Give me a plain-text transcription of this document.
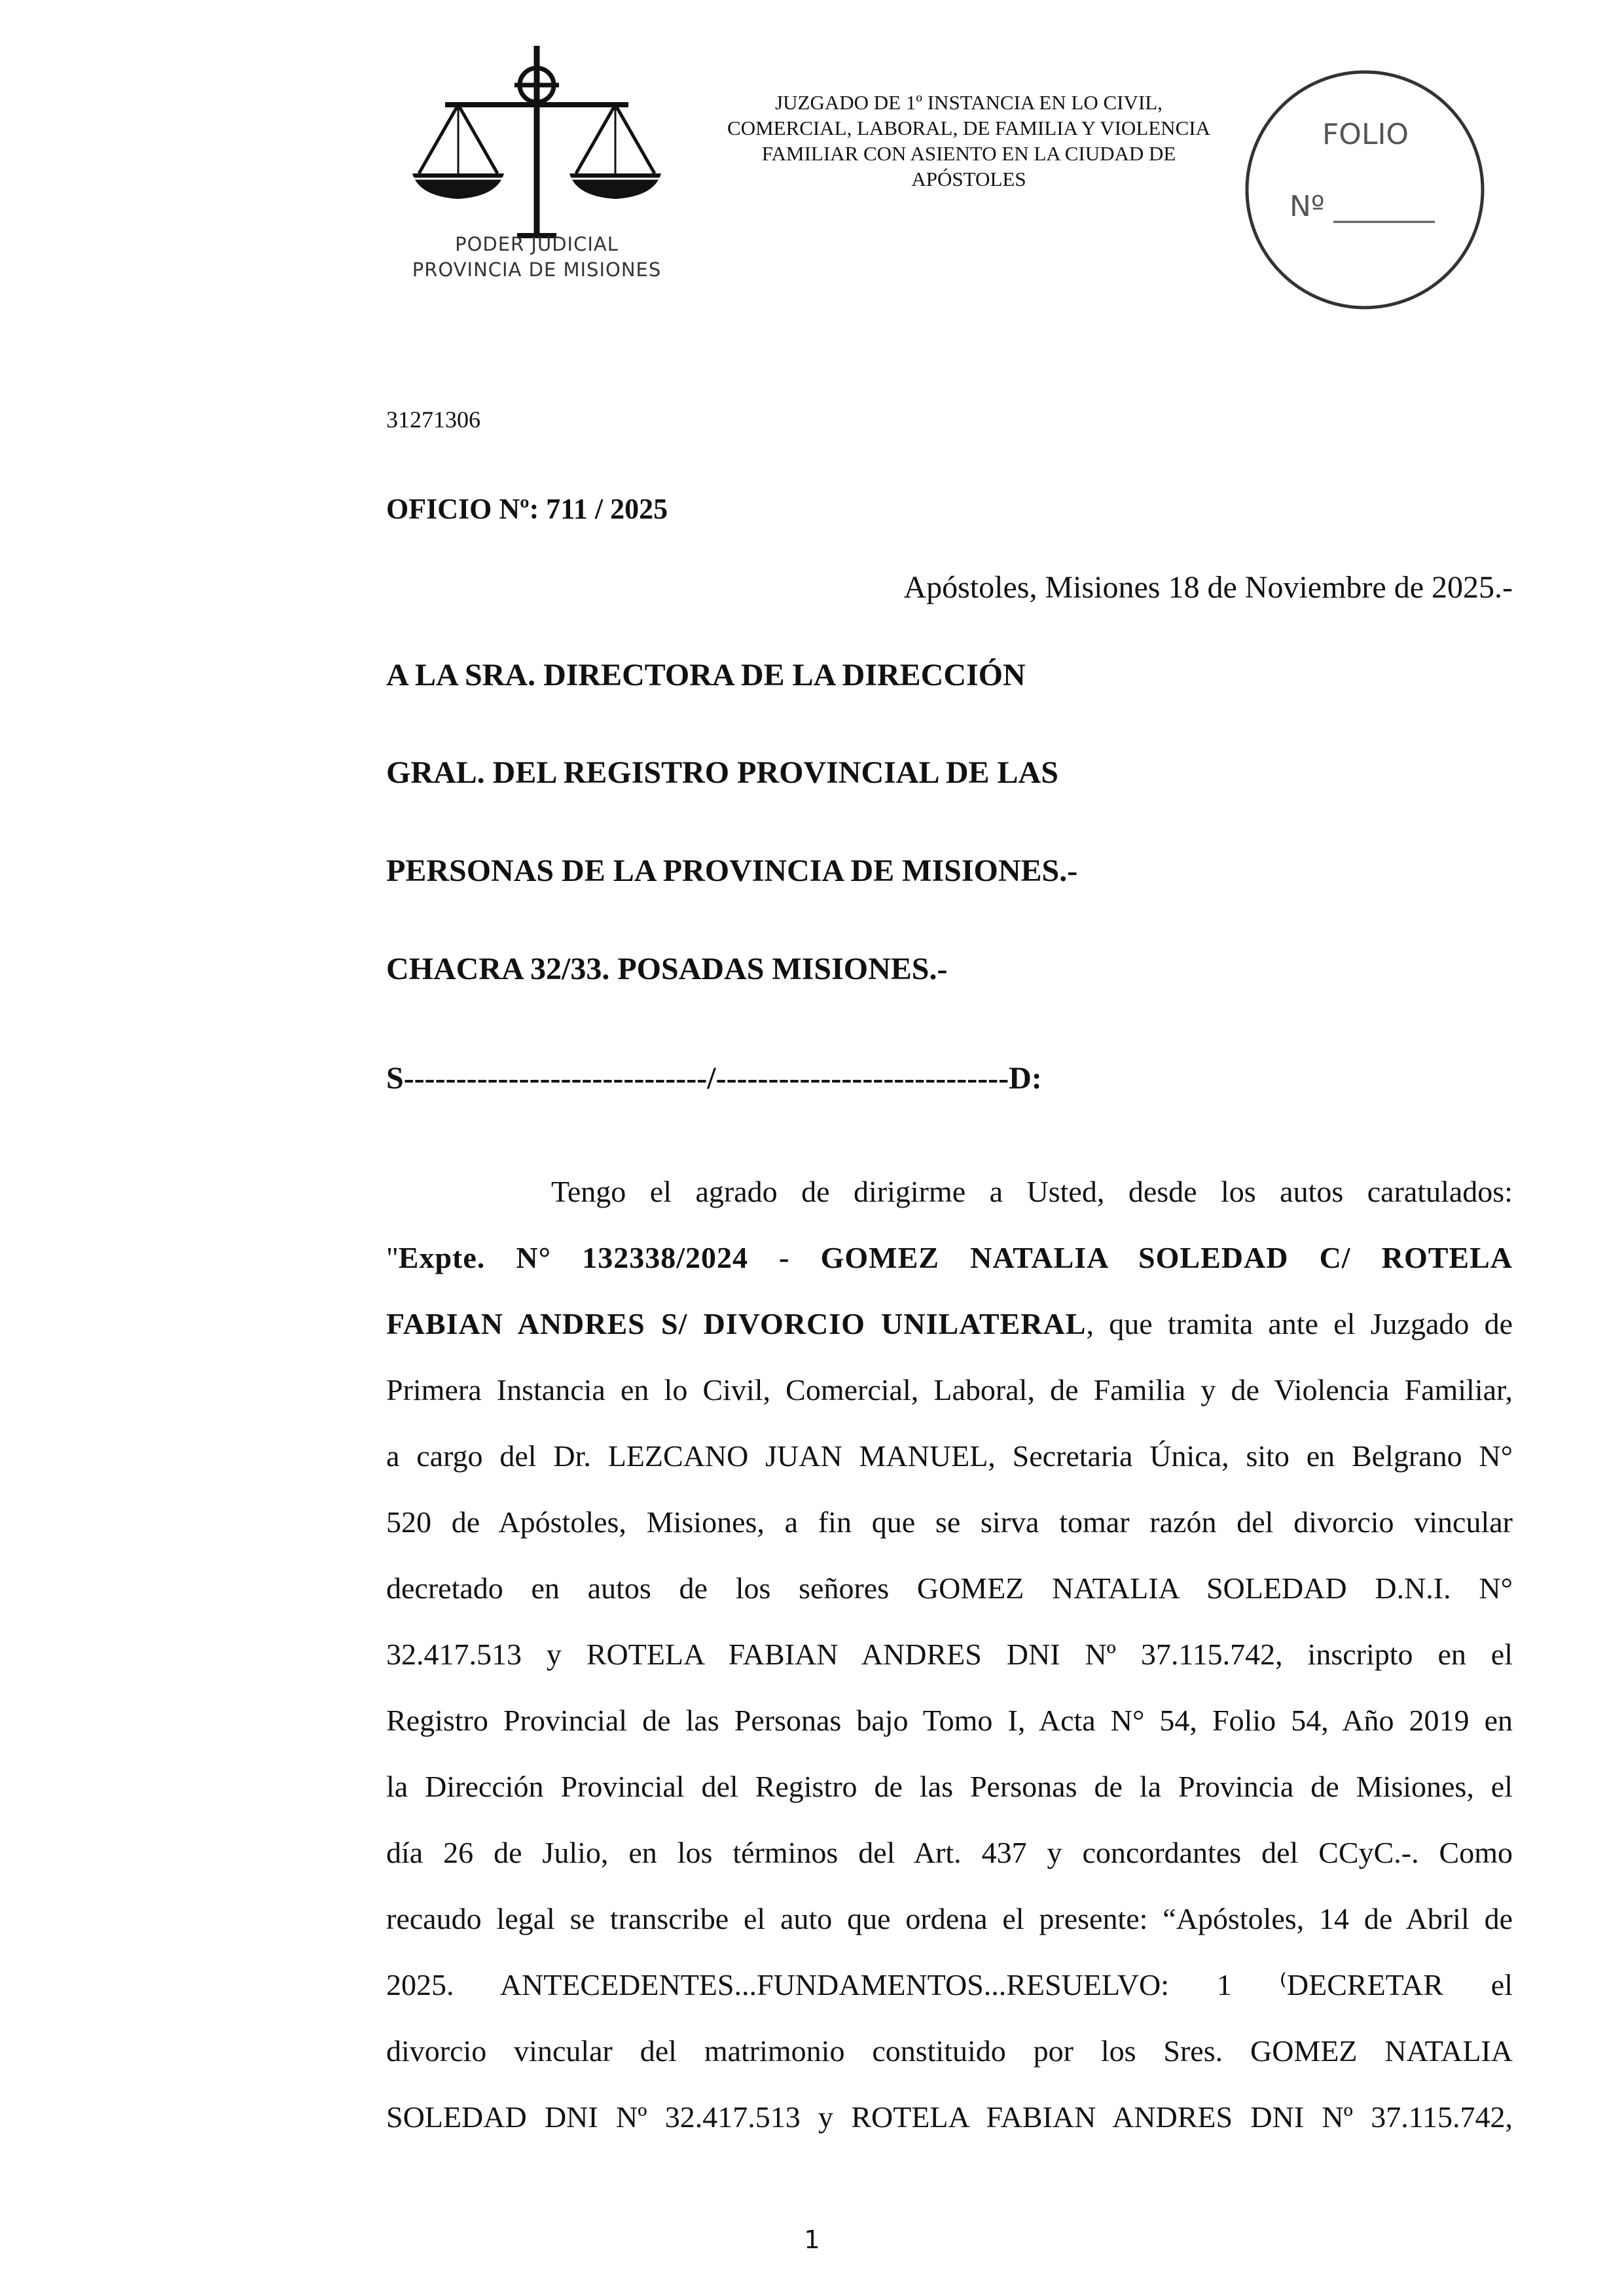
PODER JUDICIAL
PROVINCIA DE MISIONES
JUZGADO DE 1º INSTANCIA EN LO CIVIL,
COMERCIAL, LABORAL, DE FAMILIA Y VIOLENCIA
FAMILIAR CON ASIENTO EN LA CIUDAD DE
APÓSTOLES
FOLIO
Nº _______
31271306
OFICIO Nº: 711 / 2025
Apóstoles, Misiones 18 de Noviembre de 2025.-
A LA SRA. DIRECTORA DE LA DIRECCIÓN
GRAL. DEL REGISTRO PROVINCIAL DE LAS
PERSONAS DE LA PROVINCIA DE MISIONES.-
CHACRA 32/33. POSADAS MISIONES.-
S-----------------------------/----------------------------D:
Tengo el agrado de dirigirme a Usted, desde los autos caratulados:
"Expte. N° 132338/2024 - GOMEZ NATALIA SOLEDAD C/ ROTELA
FABIAN ANDRES S/ DIVORCIO UNILATERAL, que tramita ante el Juzgado de
Primera Instancia en lo Civil, Comercial, Laboral, de Familia y de Violencia Familiar,
a cargo del Dr. LEZCANO JUAN MANUEL, Secretaria Única, sito en Belgrano N°
520 de Apóstoles, Misiones, a fin que se sirva tomar razón del divorcio vincular
decretado en autos de los señores GOMEZ NATALIA SOLEDAD D.N.I. N°
32.417.513 y ROTELA FABIAN ANDRES DNI Nº 37.115.742, inscripto en el
Registro Provincial de las Personas bajo Tomo I, Acta N° 54, Folio 54, Año 2019 en
la Dirección Provincial del Registro de las Personas de la Provincia de Misiones, el
día 26 de Julio, en los términos del Art. 437 y concordantes del CCyC.-. Como
recaudo legal se transcribe el auto que ordena el presente: “Apóstoles, 14 de Abril de
2025. ANTECEDENTES...FUNDAMENTOS...RESUELVO: 1 ⁽DECRETAR el
divorcio vincular del matrimonio constituido por los Sres. GOMEZ NATALIA
SOLEDAD DNI Nº 32.417.513 y ROTELA FABIAN ANDRES DNI Nº 37.115.742,
1
